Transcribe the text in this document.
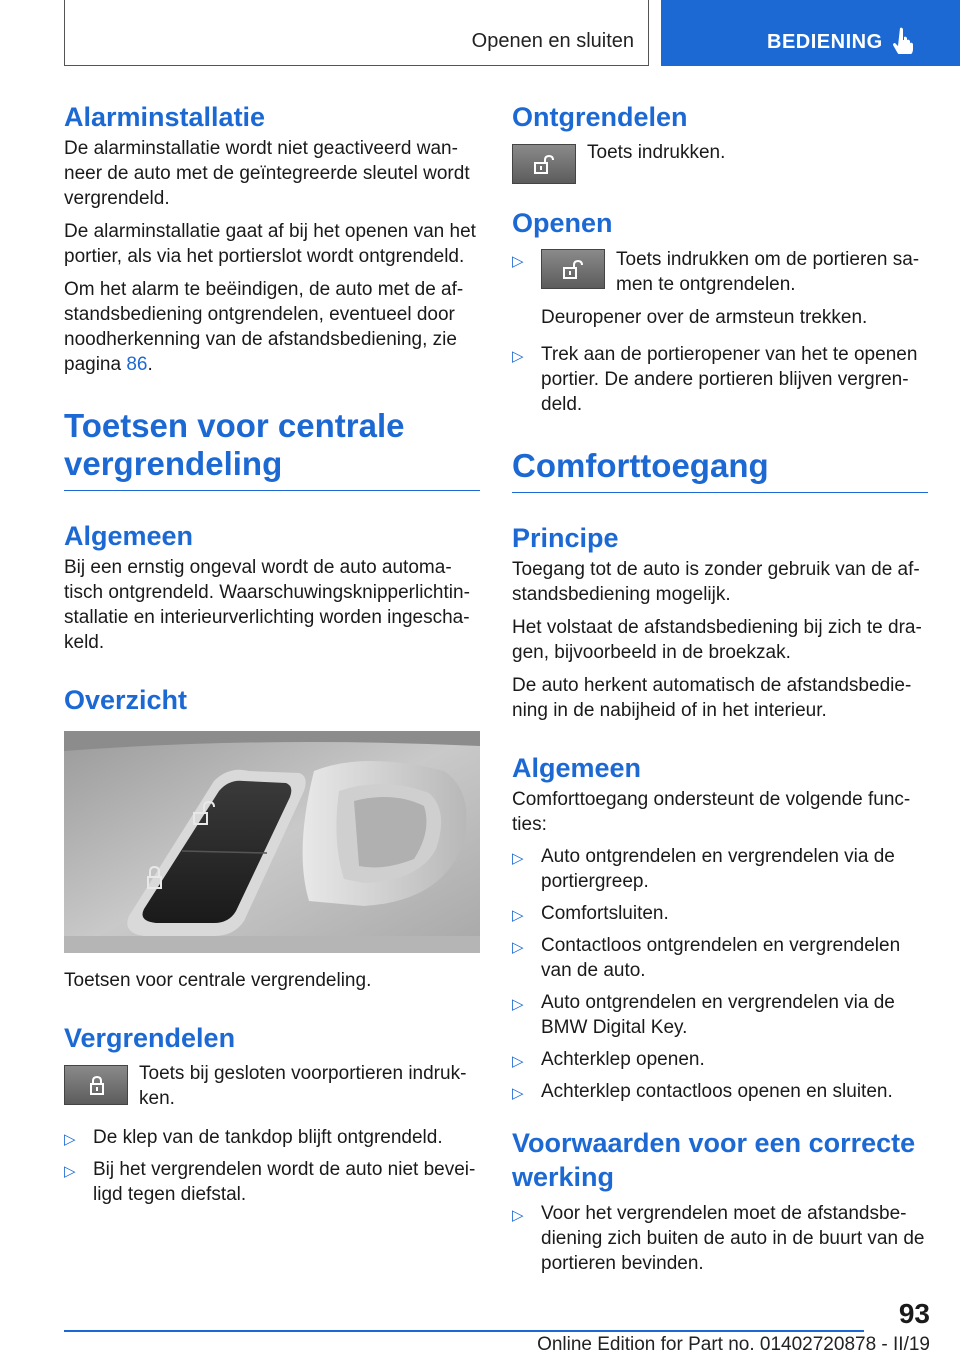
Openen en sluiten	BEDIENING
Alarminstallatie

De alarminstallatie wordt niet geactiveerd wanneer de auto met de geïntegreerde sleutel wordt vergrendeld.

De alarminstallatie gaat af bij het openen van het portier, als via het portierslot wordt ontgrendeld.

Om het alarm te beëindigen, de auto met de afstandsbediening ontgrendelen, eventueel door noodherkenning van de afstandsbediening, zie pagina 86.

Toetsen voor centrale vergrendeling
Algemeen

Bij een ernstig ongeval wordt de auto automatisch ontgrendeld. Waarschuwingsknipperlichtinstallatie en interieurverlichting worden ingeschakeld.

Overzicht

Toetsen voor centrale vergrendeling.

Vergrendelen
Toets bij gesloten voorportieren indrukken.
▷ De klep van de tankdop blijft ontgrendeld.
▷ Bij het vergrendelen wordt de auto niet beveiligd tegen diefstal.
Ontgrendelen
Toets indrukken.
Openen
▷	Toets indrukken om de portieren samen te ontgrendelen.
Deuropener over de armsteun trekken.
▷ Trek aan de portieropener van het te openen portier. De andere portieren blijven vergrendeld.
Comforttoegang
Principe

Toegang tot de auto is zonder gebruik van de afstandsbediening mogelijk.

Het volstaat de afstandsbediening bij zich te dragen, bijvoorbeeld in de broekzak.

De auto herkent automatisch de afstandsbediening in de nabijheid of in het interieur.

Algemeen

Comforttoegang ondersteunt de volgende functies:

▷ Auto ontgrendelen en vergrendelen via de portiergreep.
▷ Comfortsluiten.
▷ Contactloos ontgrendelen en vergrendelen van de auto.
▷ Auto ontgrendelen en vergrendelen via de BMW Digital Key.
▷ Achterklep openen.
▷ Achterklep contactloos openen en sluiten.
Voorwaarden voor een correcte werking
▷ Voor het vergrendelen moet de afstandsbediening zich buiten de auto in de buurt van de portieren bevinden.
93
Online Edition for Part no. 01402720878 - II/19
